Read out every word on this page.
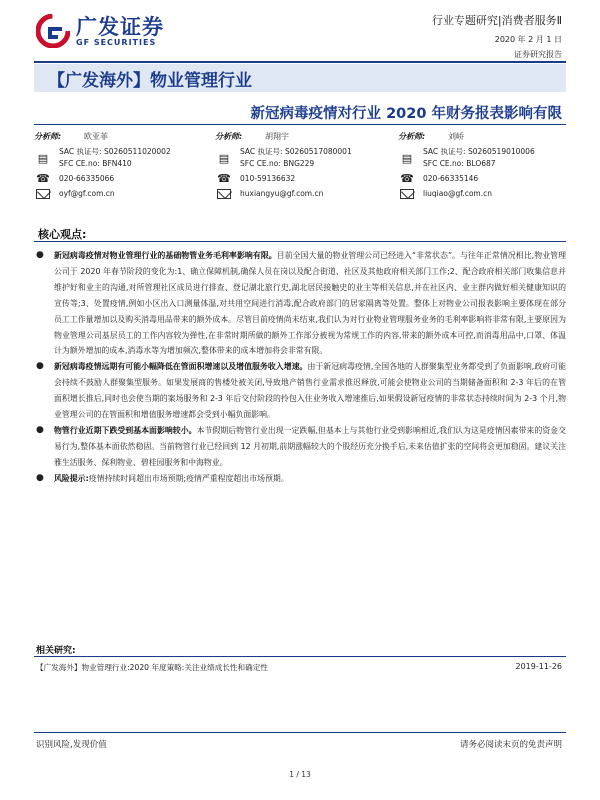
广发证券
GF SECURITIES
行业专题研究|消费者服务Ⅱ
2020 年 2 月 1 日
证券研究报告
【广发海外】物业管理行业
新冠病毒疫情对行业 2020 年财务报表影响有限
分析师:	欧亚菲
▤	SAC 执证号: S0260511020002
SFC CE.no: BFN410
☎ 020-66335066
oyf@gf.com.cn
分析师:	胡翔宇
▤	SAC 执证号: S0260517080001
SFC CE.no: BNG229
☎ 010-59136632
huxiangyu@gf.com.cn
分析师:	刘峤
▤	SAC 执证号: S0260519010006
SFC CE.no: BLO687
☎ 020-66335146
liuqiao@gf.com.cn
核心观点:

● 新冠病毒疫情对物业管理行业的基础物管业务毛利率影响有限。目前全国大量的物业管理公司已经进入“非常状态”。与往年正常情况相比,物业管理公司于 2020 年春节阶段的变化为:1、确立保障机制,确保人员在岗以及配合街道、社区及其他政府相关部门工作;2、配合政府相关部门收集信息并维护好和业主的沟通,对所管理社区成员进行排查、登记湖北旅行史,湖北居民接触史的业主等相关信息,并在社区内、业主群内做好相关健康知识的宣传等;3、处置疫情,例如小区出入口测量体温,对共用空间进行消毒,配合政府部门的居家隔离等处置。整体上对物业公司报表影响主要体现在部分员工工作量增加以及购买消毒用品带来的额外成本。尽管目前疫情尚未结束,我们认为对行业物业管理服务业务的毛利率影响将非常有限,主要原因为物业管理公司基层员工的工作内容较为弹性,在非常时期所做的额外工作部分被视为常规工作的内容,带来的额外成本可控,而消毒用品中,口罩、体温计为额外增加的成本,消毒水等为增加频次,整体带来的成本增加将会非常有限。

● 新冠病毒疫情远期有可能小幅降低在管面积增速以及增值服务收入增速。由于新冠病毒疫情,全国各地的人群聚集型业务都受到了负面影响,政府可能会持续不鼓励人群聚集型服务。如果发展商的售楼处被关闭,导致地产销售行业需求推迟释放,可能会使物业公司的当期储备面积和 2-3 年后的在管面积增长推后,同时也会使当期的案场服务和 2-3 年后交付阶段的拎包入住业务收入增速推后,如果假设新冠疫情的非常状态持续时间为 2-3 个月,物业管理公司的在管面积和增值服务增速都会受到小幅负面影响。

● 物管行业近期下跌受到基本面影响较小。本节假期后物管行业出现一定跌幅,但基本上与其他行业受到影响相近,我们认为这是疫情因素带来的资金交易行为,整体基本面依然稳固。当前物管行业已经回到 12 月初期,前期涨幅较大的个股经历充分换手后,未来估值扩张的空间将会更加稳固。建议关注雅生活服务、保利物业、碧桂园服务和中海物业。

● 风险提示:疫情持续时间超出市场预期;疫情严重程度超出市场预期。

相关研究:
【广发海外】物业管理行业:2020 年度策略:关注业绩成长性和确定性	2019-11-26
识别风险,发现价值	请务必阅读末页的免责声明
1 / 13
